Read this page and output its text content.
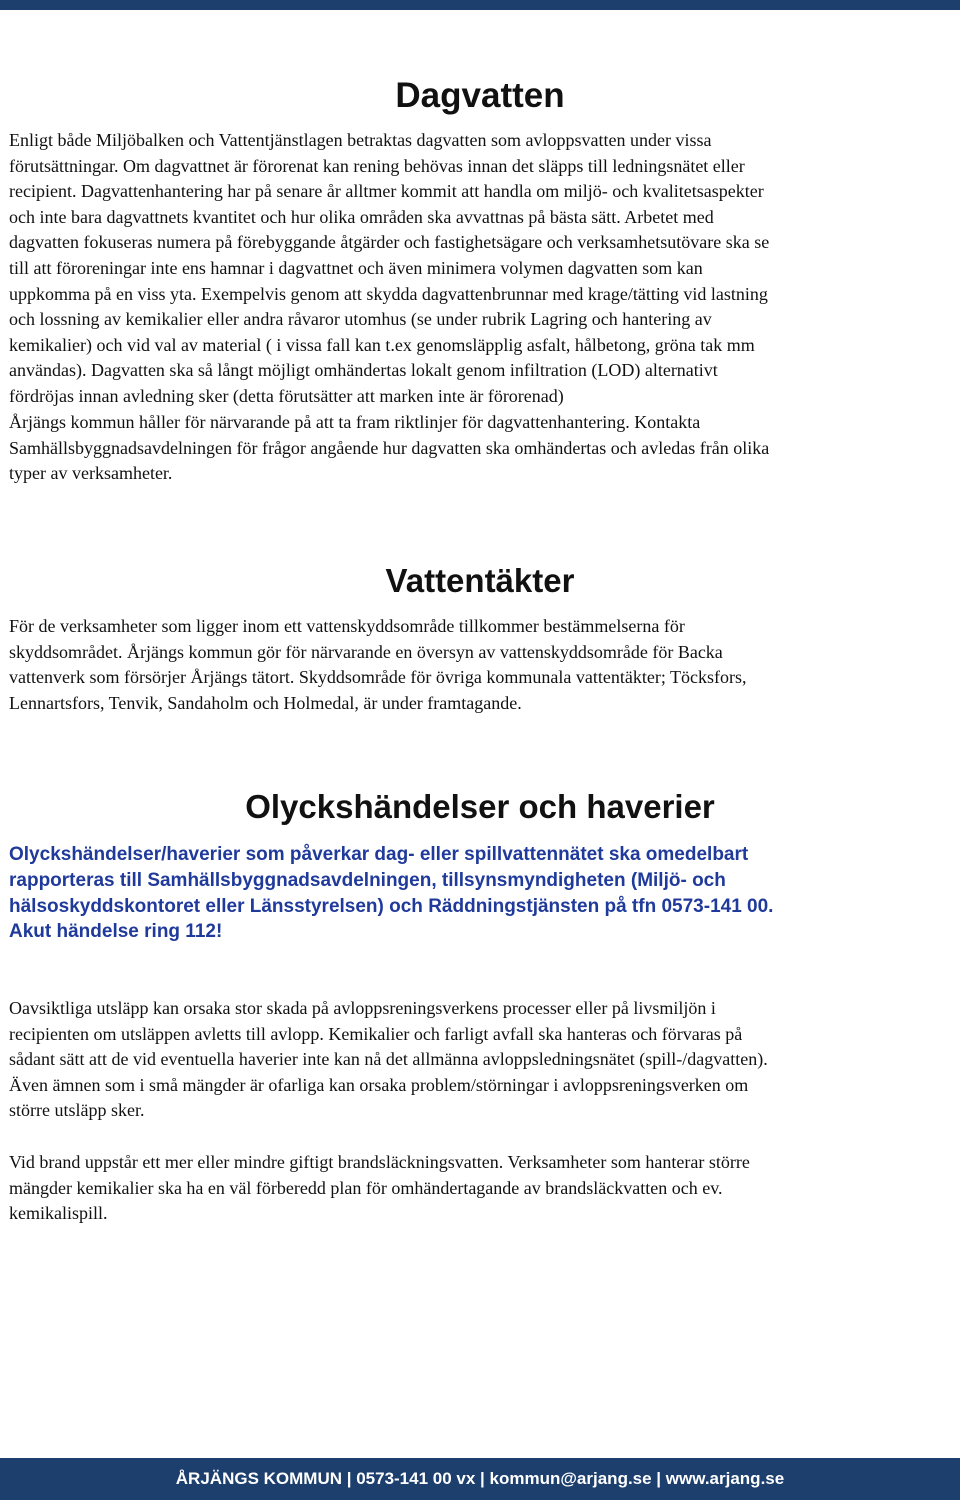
Dagvatten

Enligt både Miljöbalken och Vattentjänstlagen betraktas dagvatten som avloppsvatten under vissa
förutsättningar. Om dagvattnet är förorenat kan rening behövas innan det släpps till ledningsnätet eller
recipient. Dagvattenhantering har på senare år alltmer kommit att handla om miljö- och kvalitetsaspekter
och inte bara dagvattnets kvantitet och hur olika områden ska avvattnas på bästa sätt. Arbetet med
dagvatten fokuseras numera på förebyggande åtgärder och fastighetsägare och verksamhetsutövare ska se
till att föroreningar inte ens hamnar i dagvattnet och även minimera volymen dagvatten som kan
uppkomma på en viss yta. Exempelvis genom att skydda dagvattenbrunnar med krage/tätting vid lastning
och lossning av kemikalier eller andra råvaror utomhus (se under rubrik Lagring och hantering av
kemikalier) och vid val av material ( i vissa fall kan t.ex genomsläpplig asfalt, hålbetong, gröna tak mm
användas). Dagvatten ska så långt möjligt omhändertas lokalt genom infiltration (LOD) alternativt
fördröjas innan avledning sker (detta förutsätter att marken inte är förorenad)

Årjängs kommun håller för närvarande på att ta fram riktlinjer för dagvattenhantering. Kontakta
Samhällsbyggnadsavdelningen för frågor angående hur dagvatten ska omhändertas och avledas från olika
typer av verksamheter.

Vattentäkter

För de verksamheter som ligger inom ett vattenskyddsområde tillkommer bestämmelserna för
skyddsområdet. Årjängs kommun gör för närvarande en översyn av vattenskyddsområde för Backa
vattenverk som försörjer Årjängs tätort. Skyddsområde för övriga kommunala vattentäkter; Töcksfors,
Lennartsfors, Tenvik, Sandaholm och Holmedal, är under framtagande.

Olyckshändelser och haverier

Olyckshändelser/haverier som påverkar dag- eller spillvattennätet ska omedelbart
rapporteras till Samhällsbyggnadsavdelningen, tillsynsmyndigheten (Miljö- och
hälsoskyddskontoret eller Länsstyrelsen) och Räddningstjänsten på tfn 0573-141 00.
Akut händelse ring 112!

Oavsiktliga utsläpp kan orsaka stor skada på avloppsreningsverkens processer eller på livsmiljön i
recipienten om utsläppen avletts till avlopp. Kemikalier och farligt avfall ska hanteras och förvaras på
sådant sätt att de vid eventuella haverier inte kan nå det allmänna avloppsledningsnätet (spill-/dagvatten).
Även ämnen som i små mängder är ofarliga kan orsaka problem/störningar i avloppsreningsverken om
större utsläpp sker.

Vid brand uppstår ett mer eller mindre giftigt brandsläckningsvatten. Verksamheter som hanterar större
mängder kemikalier ska ha en väl förberedd plan för omhändertagande av brandsläckvatten och ev.
kemikalispill.

ÅRJÄNGS KOMMUN | 0573-141 00 vx | kommun@arjang.se | www.arjang.se
